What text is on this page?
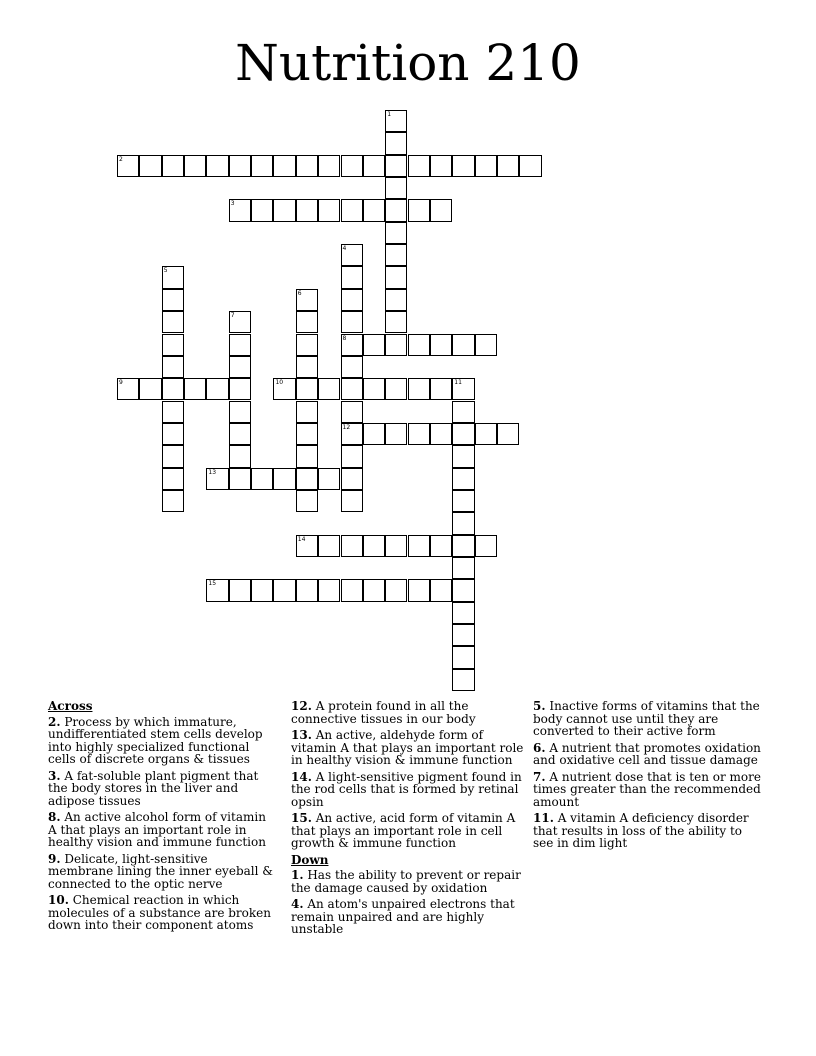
Nutrition 210
1
2
3
4
8
12
5
6
7
9	10	11
13
14
15
Across
2. Process by which immature, undifferentiated stem cells develop into highly specialized functional cells of discrete organs & tissues
3. A fat-soluble plant pigment that the body stores in the liver and adipose tissues
8. An active alcohol form of vitamin A that plays an important role in healthy vision and immune function
9. Delicate, light-sensitive membrane lining the inner eyeball & connected to the optic nerve
10. Chemical reaction in which molecules of a substance are broken down into their component atoms
12. A protein found in all the connective tissues in our body
13. An active, aldehyde form of vitamin A that plays an important role in healthy vision & immune function
14. A light-sensitive pigment found in the rod cells that is formed by retinal opsin
15. An active, acid form of vitamin A that plays an important role in cell growth & immune function
Down
1. Has the ability to prevent or repair the damage caused by oxidation
4. An atom's unpaired electrons that remain unpaired and are highly unstable
5. Inactive forms of vitamins that the body cannot use until they are converted to their active form
6. A nutrient that promotes oxidation and oxidative cell and tissue damage
7. A nutrient dose that is ten or more times greater than the recommended amount
11. A vitamin A deficiency disorder that results in loss of the ability to see in dim light
